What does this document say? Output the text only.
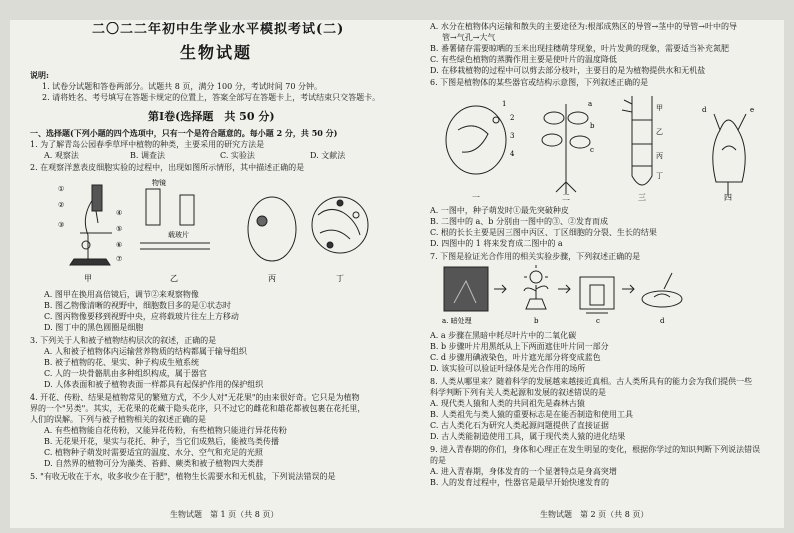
二〇二二年初中生学业水平模拟考试(二)
生物试题
说明:
1. 试卷分试题和答卷两部分。试题共 8 页，满分 100 分，考试时间 70 分钟。
2. 请将姓名、考号填写在答题卡规定的位置上，答案全部写在答题卡上，考试结束只交答题卡。
第Ⅰ卷(选择题　共 50 分)
一、选择题(下列小题的四个选项中，只有一个是符合题意的。每小题 2 分，共 50 分)
1. 为了解青岛公园春季草坪中植物的种类，主要采用的研究方法是
A. 观察法	B. 调查法	C. 实验法	D. 文献法
2. 在观察洋葱表皮细胞实验的过程中，出现如图所示情形，其中描述正确的是
①
②
③
④
⑤
⑥
⑦
物镜
载玻片
甲	乙	丙	丁
A. 图甲在换用高倍镜后，调节②来观察物像
B. 图乙物像清晰的视野中，细胞数目多的是①状态时
C. 图丙物像要移到视野中央，应将载玻片往左上方移动
D. 图丁中的黑色圆圈是细胞
3. 下列关于人和被子植物结构层次的叙述，正确的是
A. 人和被子植物体内运输营养物质的结构都属于输导组织
B. 被子植物的花、果实、种子构成生殖系统
C. 人的一块骨骼肌由多种组织构成，属于器官
D. 人体表面和被子植物表面一样都具有起保护作用的保护组织
4. 开花、传粉、结果是植物常见的繁殖方式，不少人对"无花果"的由来很好奇。它只是为植物
界的一个"另类"。其实，无花果的花藏于隐头花序，只不过它的雌花和雄花都被包裹在花托里，
人们的误解。下列与被子植物相关的叙述正确的是
A. 有些植物能自花传粉，又能异花传粉，有些植物只能进行异花传粉
B. 无花果开花，果实与花托、种子，当它们成熟后，能被鸟类传播
C. 植物种子萌发时需要适宜的温度、水分、空气和充足的光照
D. 自然界的植物可分为藻类、苔藓、蕨类和被子植物四大类群
5. "有收无收在于水，收多收少在于肥"，植物生长需要水和无机盐，下列说法错误的是
生物试题　第 1 页（共 8 页）
A. 水分在植物体内运输和散失的主要途径为:根部成熟区的导管→茎中的导管→叶中的导
管→气孔→大气
B. 番薯储存需要晾晒的玉米出现挂穗萌芽现象，叶片发黄的现象，需要适当补充氮肥
C. 有些绿色植物的蒸腾作用主要是使叶片的温度降低
D. 在移栽植物的过程中可以剪去部分枝叶，主要目的是为植物提供水和无机盐
6. 下图是植物体的某些器官或结构示意图，下列叙述正确的是
1
2
3
4
a
b
c
甲
乙
丙
丁
d	e
一	二	三	四
A. 一图中，种子萌发时①最先突破种皮
B. 二图中的 a、b 分别由一图中的③、②发育而成
C. 根的长长主要是因三图中丙区、丁区细胞的分裂、生长的结果
D. 四图中的 1 将来发育成二图中的 a
7. 下图是验证光合作用的相关实验步骤，下列叙述正确的是
a. 暗处理	b	c	d
A. a 步骤在黑暗中耗尽叶片中的二氧化碳
B. b 步骤叶片用黑纸从上下两面遮住叶片同一部分
C. d 步骤用碘液染色，叶片遮光部分将变成蓝色
D. 该实验可以验证叶绿体是光合作用的场所
8. 人类从哪里来？随着科学的发展越来越接近真相。古人类所具有的能力会为我们提供一些
科学判断下列有关人类起源和发展的叙述错误的是
A. 现代类人猿和人类的共同祖先是森林古猿
B. 人类祖先与类人猿的重要标志是在能否制造和使用工具
C. 古人类化石为研究人类起源问题提供了直接证据
D. 古人类能制造使用工具，属于现代类人猿的进化结果
9. 进入青春期的你们，身体和心理正在发生明显的变化，根据你学过的知识判断下列说法错误
的是
A. 进入青春期，身体发育的一个显著特点是身高突增
B. 人的发育过程中，性器官是最早开始快速发育的
生物试题　第 2 页（共 8 页）
